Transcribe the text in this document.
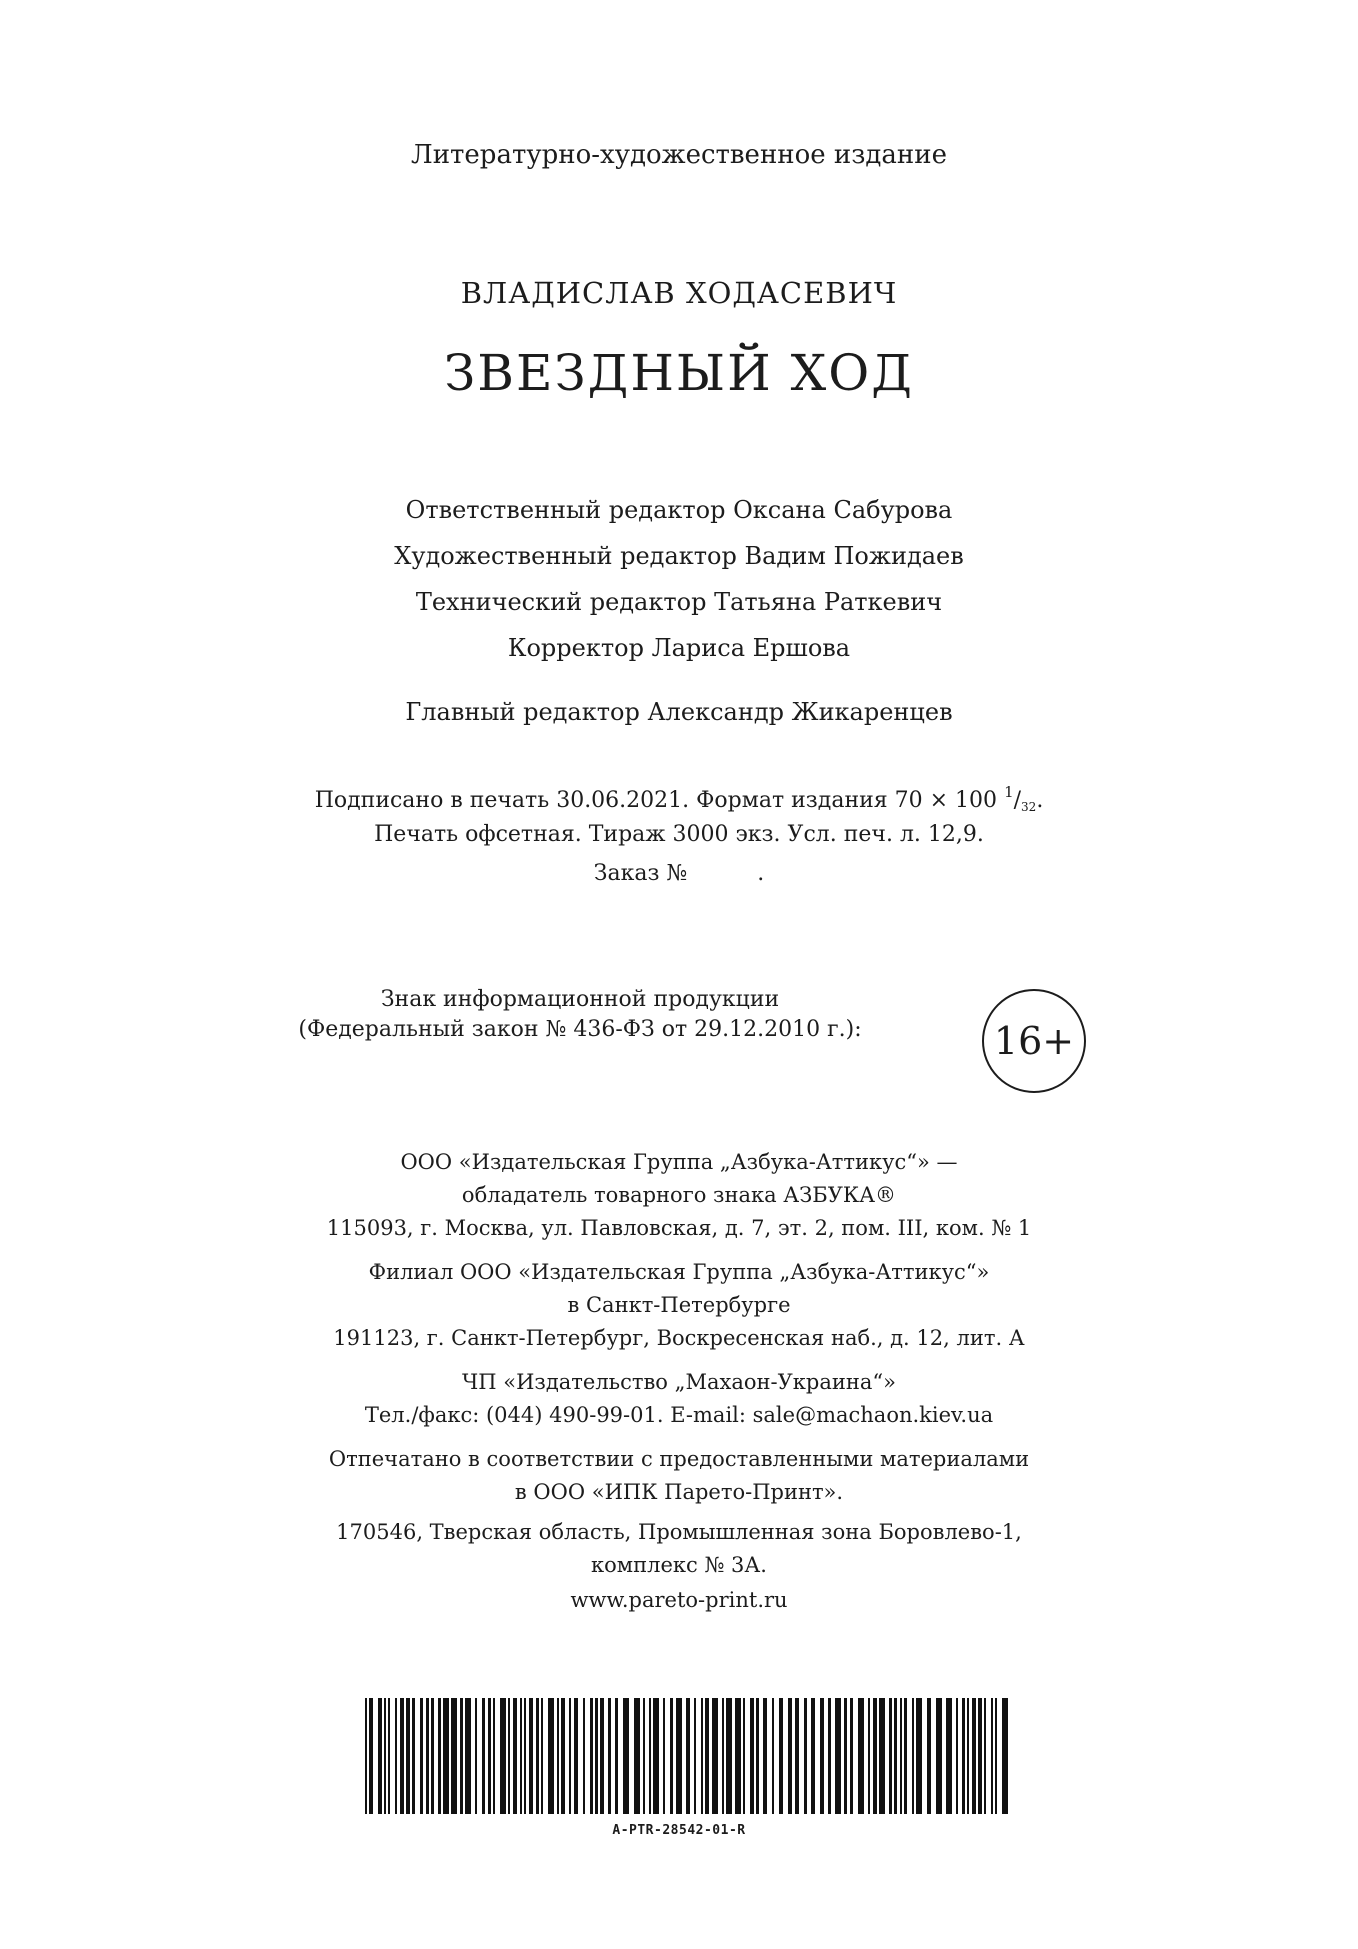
Литературно-художественное издание
ВЛАДИСЛАВ ХОДАСЕВИЧ
ЗВЕЗДНЫЙ ХОД
Ответственный редактор Оксана Сабурова
Художественный редактор Вадим Пожидаев
Технический редактор Татьяна Раткевич
Корректор Лариса Ершова
Главный редактор Александр Жикаренцев
Подписано в печать 30.06.2021. Формат издания 70 × 100 $^1/_{32}$.
Печать офсетная. Тираж 3000 экз. Усл. печ. л. 12,9.
Заказ №	.
Знак информационной продукции
(Федеральный закон № 436-ФЗ от 29.12.2010 г.):	16+
ООО «Издательская Группа „Азбука-Аттикус“» —
обладатель товарного знака АЗБУКА®
115093, г. Москва, ул. Павловская, д. 7, эт. 2, пом. III, ком. № 1
Филиал ООО «Издательская Группа „Азбука-Аттикус“»
в Санкт-Петербурге
191123, г. Санкт-Петербург, Воскресенская наб., д. 12, лит. А
ЧП «Издательство „Махаон-Украина“»
Тел./факс: (044) 490-99-01. E-mail: sale@machaon.kiev.ua
Отпечатано в соответствии с предоставленными материалами
в ООО «ИПК Парето-Принт».
170546, Тверская область, Промышленная зона Боровлево-1,
комплекс № 3А.
www.pareto-print.ru
A-PTR-28542-01-R
